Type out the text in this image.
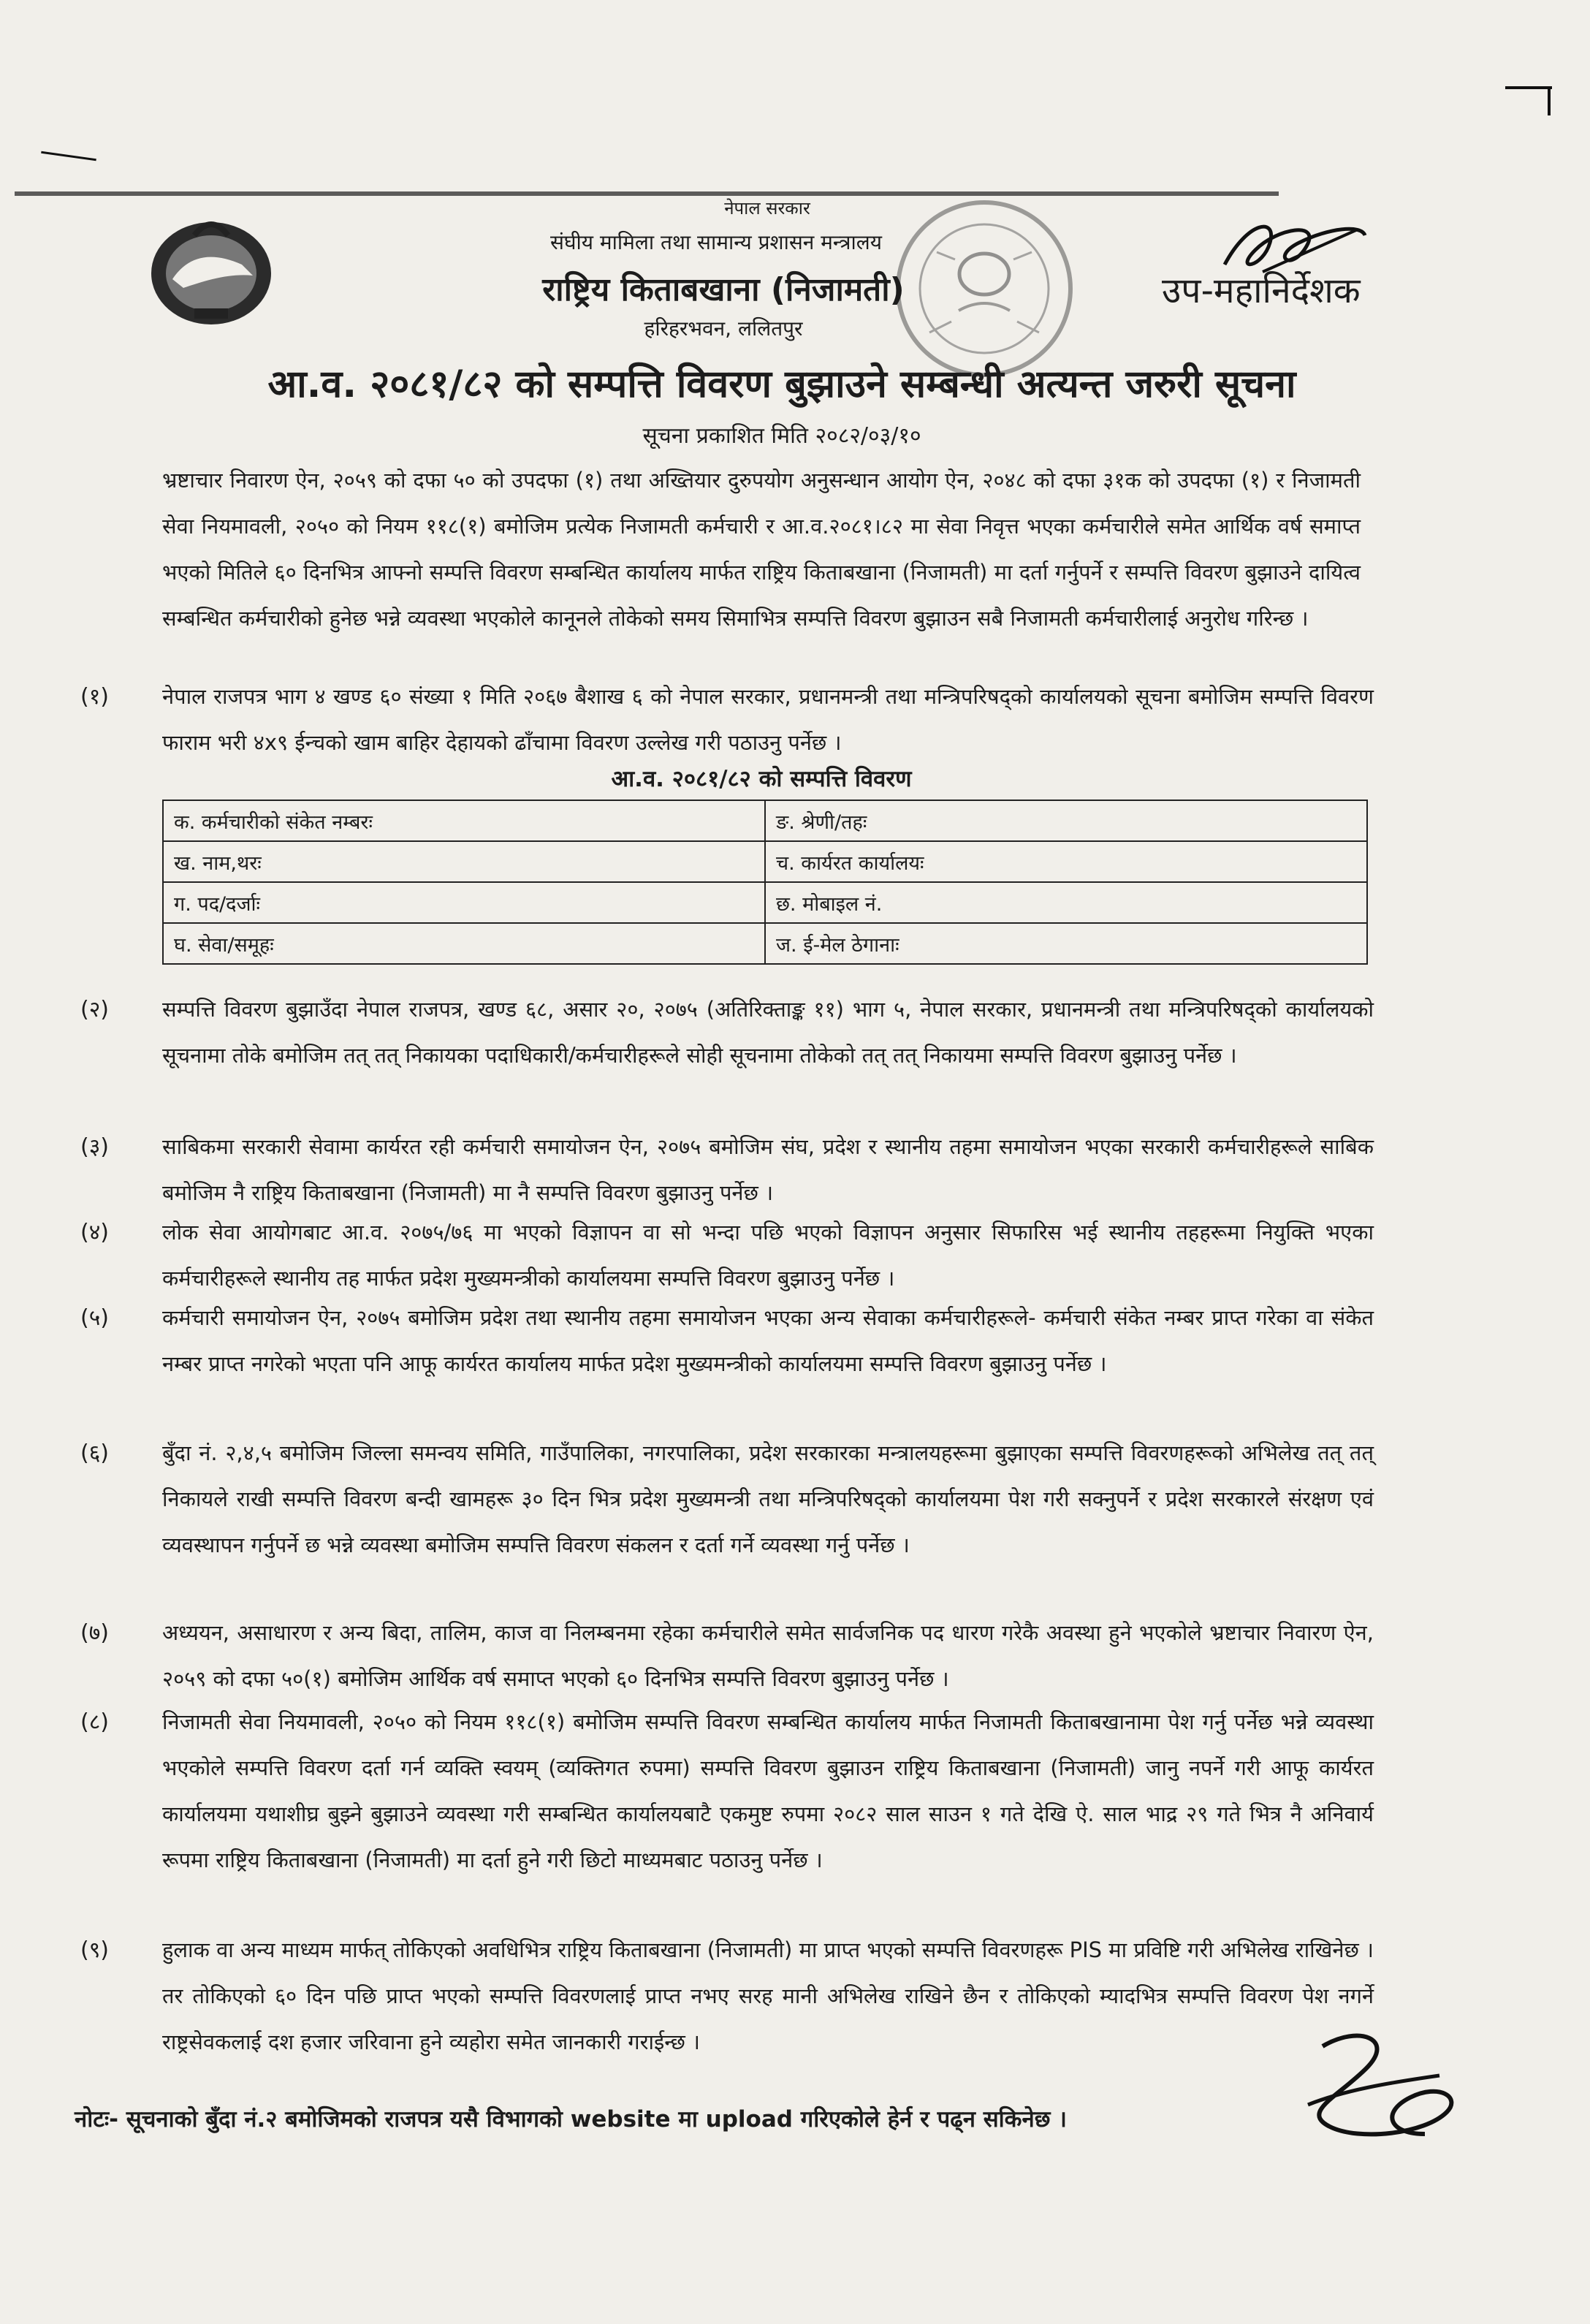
नेपाल सरकार
संघीय मामिला तथा सामान्य प्रशासन मन्त्रालय
राष्ट्रिय किताबखाना (निजामती)
हरिहरभवन, ललितपुर
उप-महानिर्देशक
आ.व. २०८१/८२ को सम्पत्ति विवरण बुझाउने सम्बन्धी अत्यन्त जरुरी सूचना
सूचना प्रकाशित मिति २०८२/०३/१०
भ्रष्टाचार निवारण ऐन, २०५९ को दफा ५० को उपदफा (१) तथा अख्तियार दुरुपयोग अनुसन्धान आयोग ऐन, २०४८ को दफा ३१क को उपदफा (१) र निजामती सेवा नियमावली, २०५० को नियम ११८(१) बमोजिम प्रत्येक निजामती कर्मचारी र आ.व.२०८१।८२ मा सेवा निवृत्त भएका कर्मचारीले समेत आर्थिक वर्ष समाप्त भएको मितिले ६० दिनभित्र आफ्नो सम्पत्ति विवरण सम्बन्धित कार्यालय मार्फत राष्ट्रिय किताबखाना (निजामती) मा दर्ता गर्नुपर्ने र सम्पत्ति विवरण बुझाउने दायित्व सम्बन्धित कर्मचारीको हुनेछ भन्ने व्यवस्था भएकोले कानूनले तोकेको समय सिमाभित्र सम्पत्ति विवरण बुझाउन सबै निजामती कर्मचारीलाई अनुरोध गरिन्छ ।
(१)	नेपाल राजपत्र भाग ४ खण्ड ६० संख्या १ मिति २०६७ बैशाख ६ को नेपाल सरकार, प्रधानमन्त्री तथा मन्त्रिपरिषद्को कार्यालयको सूचना बमोजिम सम्पत्ति विवरण फाराम भरी ४x९ ईन्चको खाम बाहिर देहायको ढाँचामा विवरण उल्लेख गरी पठाउनु पर्नेछ ।
आ.व. २०८१/८२ को सम्पत्ति विवरण
क. कर्मचारीको संकेत नम्बरः	ङ. श्रेणी/तहः
ख. नाम,थरः	च. कार्यरत कार्यालयः
ग. पद/दर्जाः	छ. मोबाइल नं.
घ. सेवा/समूहः	ज. ई-मेल ठेगानाः
(२)	सम्पत्ति विवरण बुझाउँदा नेपाल राजपत्र, खण्ड ६८, असार २०, २०७५ (अतिरिक्ताङ्क ११) भाग ५, नेपाल सरकार, प्रधानमन्त्री तथा मन्त्रिपरिषद्को कार्यालयको सूचनामा तोके बमोजिम तत् तत् निकायका पदाधिकारी/कर्मचारीहरूले सोही सूचनामा तोकेको तत् तत् निकायमा सम्पत्ति विवरण बुझाउनु पर्नेछ ।
(३)	साबिकमा सरकारी सेवामा कार्यरत रही कर्मचारी समायोजन ऐन, २०७५ बमोजिम संघ, प्रदेश र स्थानीय तहमा समायोजन भएका सरकारी कर्मचारीहरूले साबिक बमोजिम नै राष्ट्रिय किताबखाना (निजामती) मा नै सम्पत्ति विवरण बुझाउनु पर्नेछ ।
(४)	लोक सेवा आयोगबाट आ.व. २०७५/७६ मा भएको विज्ञापन वा सो भन्दा पछि भएको विज्ञापन अनुसार सिफारिस भई स्थानीय तहहरूमा नियुक्ति भएका कर्मचारीहरूले स्थानीय तह मार्फत प्रदेश मुख्यमन्त्रीको कार्यालयमा सम्पत्ति विवरण बुझाउनु पर्नेछ ।
(५)	कर्मचारी समायोजन ऐन, २०७५ बमोजिम प्रदेश तथा स्थानीय तहमा समायोजन भएका अन्य सेवाका कर्मचारीहरूले- कर्मचारी संकेत नम्बर प्राप्त गरेका वा संकेत नम्बर प्राप्त नगरेको भएता पनि आफू कार्यरत कार्यालय मार्फत प्रदेश मुख्यमन्त्रीको कार्यालयमा सम्पत्ति विवरण बुझाउनु पर्नेछ ।
(६)	बुँदा नं. २,४,५ बमोजिम जिल्ला समन्वय समिति, गाउँपालिका, नगरपालिका, प्रदेश सरकारका मन्त्रालयहरूमा बुझाएका सम्पत्ति विवरणहरूको अभिलेख तत् तत् निकायले राखी सम्पत्ति विवरण बन्दी खामहरू ३० दिन भित्र प्रदेश मुख्यमन्त्री तथा मन्त्रिपरिषद्को कार्यालयमा पेश गरी सक्नुपर्ने र प्रदेश सरकारले संरक्षण एवं व्यवस्थापन गर्नुपर्ने छ भन्ने व्यवस्था बमोजिम सम्पत्ति विवरण संकलन र दर्ता गर्ने व्यवस्था गर्नु पर्नेछ ।
(७)	अध्ययन, असाधारण र अन्य बिदा, तालिम, काज वा निलम्बनमा रहेका कर्मचारीले समेत सार्वजनिक पद धारण गरेकै अवस्था हुने भएकोले भ्रष्टाचार निवारण ऐन, २०५९ को दफा ५०(१) बमोजिम आर्थिक वर्ष समाप्त भएको ६० दिनभित्र सम्पत्ति विवरण बुझाउनु पर्नेछ ।
(८)	निजामती सेवा नियमावली, २०५० को नियम ११८(१) बमोजिम सम्पत्ति विवरण सम्बन्धित कार्यालय मार्फत निजामती किताबखानामा पेश गर्नु पर्नेछ भन्ने व्यवस्था भएकोले सम्पत्ति विवरण दर्ता गर्न व्यक्ति स्वयम् (व्यक्तिगत रुपमा) सम्पत्ति विवरण बुझाउन राष्ट्रिय किताबखाना (निजामती) जानु नपर्ने गरी आफू कार्यरत कार्यालयमा यथाशीघ्र बुझ्ने बुझाउने व्यवस्था गरी सम्बन्धित कार्यालयबाटै एकमुष्ट रुपमा २०८२ साल साउन १ गते देखि ऐ. साल भाद्र २९ गते भित्र नै अनिवार्य रूपमा राष्ट्रिय किताबखाना (निजामती) मा दर्ता हुने गरी छिटो माध्यमबाट पठाउनु पर्नेछ ।
(९)	हुलाक वा अन्य माध्यम मार्फत् तोकिएको अवधिभित्र राष्ट्रिय किताबखाना (निजामती) मा प्राप्त भएको सम्पत्ति विवरणहरू PIS मा प्रविष्टि गरी अभिलेख राखिनेछ । तर तोकिएको ६० दिन पछि प्राप्त भएको सम्पत्ति विवरणलाई प्राप्त नभए सरह मानी अभिलेख राखिने छैन र तोकिएको म्यादभित्र सम्पत्ति विवरण पेश नगर्ने राष्ट्रसेवकलाई दश हजार जरिवाना हुने व्यहोरा समेत जानकारी गराईन्छ ।
नोटः- सूचनाको बुँदा नं.२ बमोजिमको राजपत्र यसै विभागको website मा upload गरिएकोले हेर्न र पढ्न सकिनेछ ।
